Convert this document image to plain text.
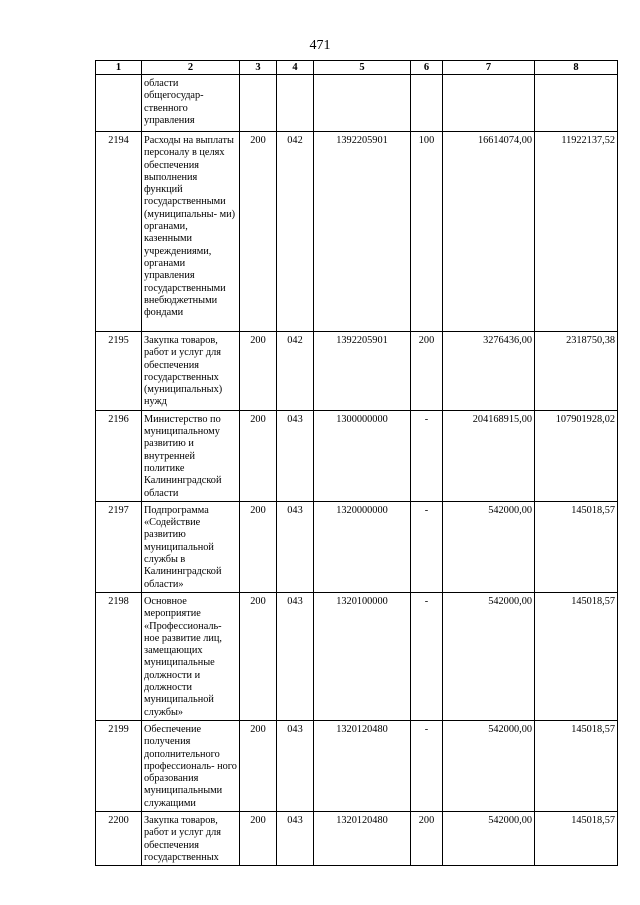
471
1	2	3	4	5	6	7	8
	области общегосудар- ственного управления						
2194	Расходы на выплаты персоналу в целях обеспечения выполнения функций государственными (муниципальны- ми) органами, казенными учреждениями, органами управления государственными внебюджетными фондами	200	042	1392205901	100	16614074,00	11922137,52
2195	Закупка товаров, работ и услуг для обеспечения государственных (муниципальных) нужд	200	042	1392205901	200	3276436,00	2318750,38
2196	Министерство по муниципальному развитию и внутренней политике Калининградской области	200	043	1300000000	-	204168915,00	107901928,02
2197	Подпрограмма «Содействие развитию муниципальной службы в Калининградской области»	200	043	1320000000	-	542000,00	145018,57
2198	Основное мероприятие «Профессиональ- ное развитие лиц, замещающих муниципальные должности и должности муниципальной службы»	200	043	1320100000	-	542000,00	145018,57
2199	Обеспечение получения дополнительного профессиональ- ного образования муниципальными служащими	200	043	1320120480	-	542000,00	145018,57
2200	Закупка товаров, работ и услуг для обеспечения государственных	200	043	1320120480	200	542000,00	145018,57
